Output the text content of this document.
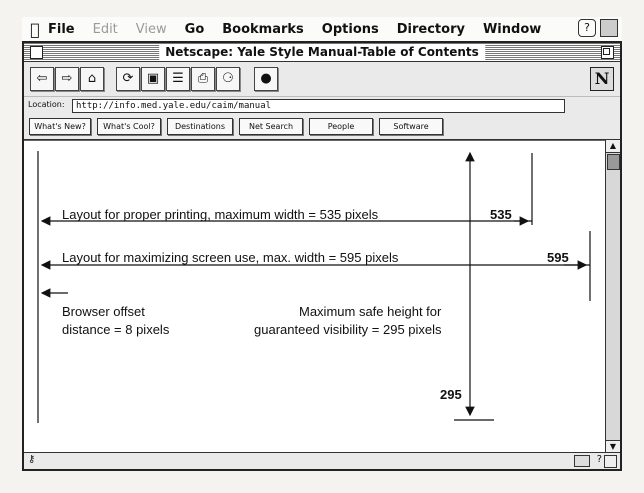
File Edit View Go Bookmarks Options Directory Window	?
Netscape: Yale Style Manual-Table of Contents
⇦	⇨	⌂	⟳	▣	☰	⎙	⚆	●	N
Location:	http://info.med.yale.edu/caim/manual
What's New?	What's Cool?	Destinations	Net Search	People	Software
Layout for proper printing, maximum width = 535 pixels	535
Layout for maximizing screen use, max. width = 595 pixels	595
Browser offset
distance = 8 pixels
Maximum safe height for
guaranteed visibility = 295 pixels
295
▲
▼
⚷	?
